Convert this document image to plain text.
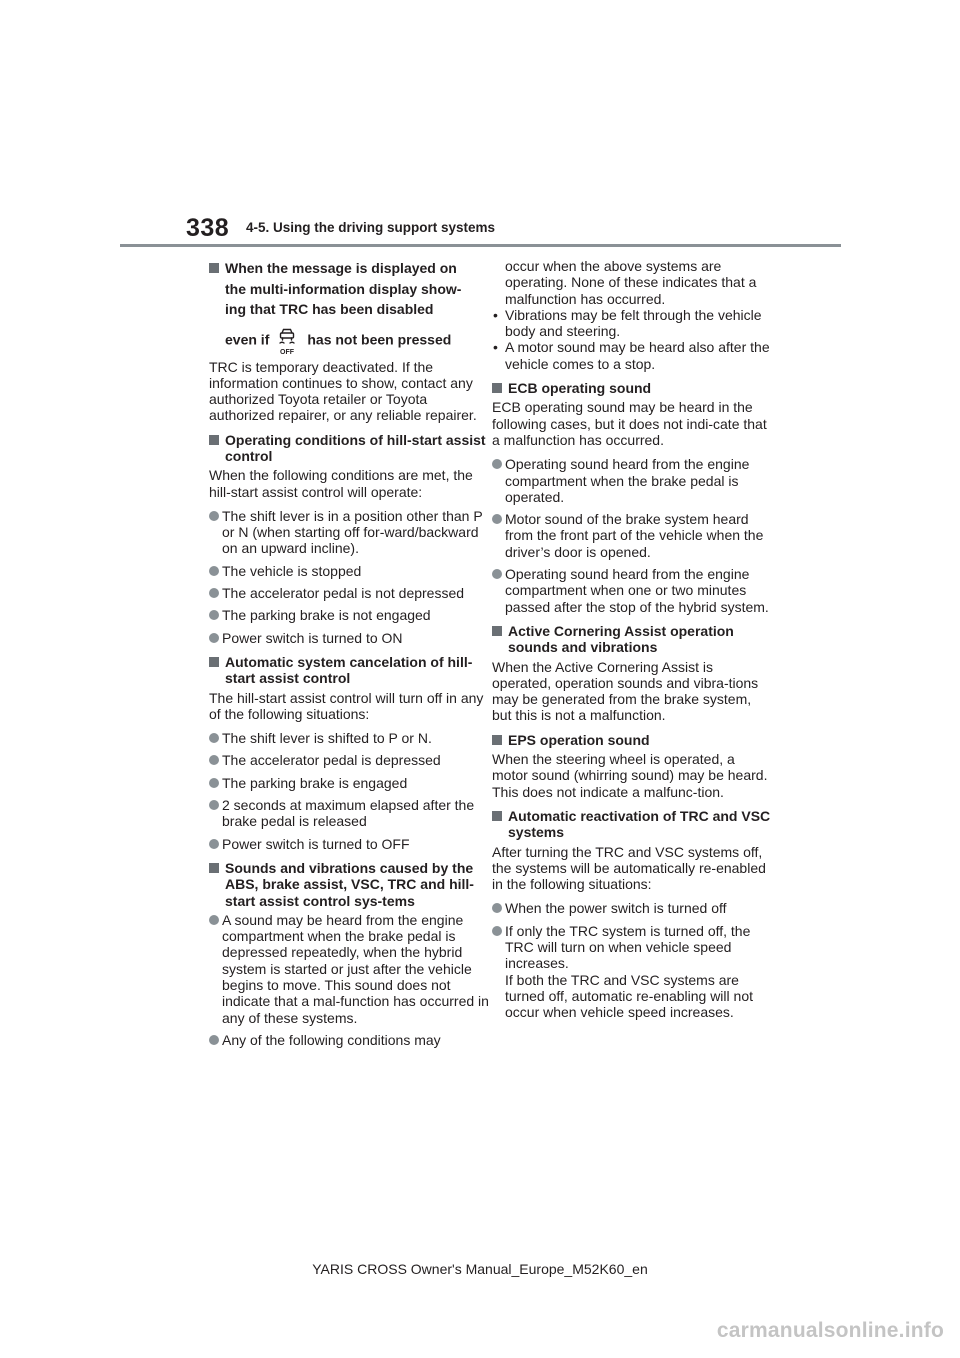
338 4-5. Using the driving support systems
When the message is displayed on
the multi-information display show-
ing that TRC has been disabled
even if
OFF
has not been pressed
TRC is temporary deactivated. If the information continues to show, contact any authorized Toyota retailer or Toyota authorized repairer, or any reliable repairer.
Operating conditions of hill-start assist control
When the following conditions are met, the hill-start assist control will operate:
The shift lever is in a position other than P or N (when starting off for-ward/backward on an upward incline).
The vehicle is stopped
The accelerator pedal is not depressed
The parking brake is not engaged
Power switch is turned to ON
Automatic system cancelation of hill-start assist control
The hill-start assist control will turn off in any of the following situations:
The shift lever is shifted to P or N.
The accelerator pedal is depressed
The parking brake is engaged
2 seconds at maximum elapsed after the brake pedal is released
Power switch is turned to OFF
Sounds and vibrations caused by the ABS, brake assist, VSC, TRC and hill-start assist control sys-tems
A sound may be heard from the engine compartment when the brake pedal is depressed repeatedly, when the hybrid system is started or just after the vehicle begins to move. This sound does not indicate that a mal-function has occurred in any of these systems.
Any of the following conditions may
occur when the above systems are operating. None of these indicates that a malfunction has occurred.
• Vibrations may be felt through the vehicle body and steering.
• A motor sound may be heard also after the vehicle comes to a stop.
ECB operating sound
ECB operating sound may be heard in the following cases, but it does not indi-cate that a malfunction has occurred.
Operating sound heard from the engine compartment when the brake pedal is operated.
Motor sound of the brake system heard from the front part of the vehicle when the driver’s door is opened.
Operating sound heard from the engine compartment when one or two minutes passed after the stop of the hybrid system.
Active Cornering Assist operation sounds and vibrations
When the Active Cornering Assist is operated, operation sounds and vibra-tions may be generated from the brake system, but this is not a malfunction.
EPS operation sound
When the steering wheel is operated, a motor sound (whirring sound) may be heard. This does not indicate a malfunc-tion.
Automatic reactivation of TRC and VSC systems
After turning the TRC and VSC systems off, the systems will be automatically re-enabled in the following situations:
When the power switch is turned off
If only the TRC system is turned off, the TRC will turn on when vehicle speed increases.
If both the TRC and VSC systems are turned off, automatic re-enabling will not occur when vehicle speed increases.
YARIS CROSS Owner's Manual_Europe_M52K60_en
carmanualsonline.info
